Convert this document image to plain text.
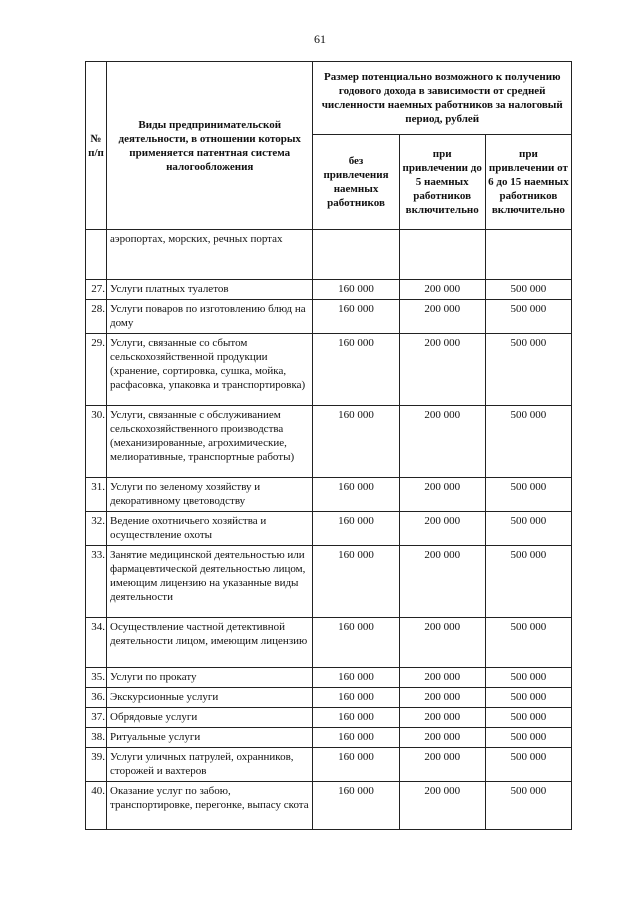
61
№ п/п	Виды предпринимательской деятельности, в отношении которых применяется патентная система налогообложения	Размер потенциально возможного к получению годового дохода в зависимости от средней численности наемных работников за налоговый период, рублей		
		без привлечения наемных работников	при привлечении до 5 наемных работников включительно	при привлечении от 6 до 15 наемных работников включительно
	аэропортах, морских, речных портах			
27.	Услуги платных туалетов	160 000	200 000	500 000
28.	Услуги поваров по изготовлению блюд на дому	160 000	200 000	500 000
29.	Услуги, связанные со сбытом сельскохозяйственной продукции (хранение, сортировка, сушка, мойка, расфасовка, упаковка и транспортировка)	160 000	200 000	500 000
30.	Услуги, связанные с обслуживанием сельскохозяйственного производства (механизированные, агрохимические, мелиоративные, транспортные работы)	160 000	200 000	500 000
31.	Услуги по зеленому хозяйству и декоративному цветоводству	160 000	200 000	500 000
32.	Ведение охотничьего хозяйства и осуществление охоты	160 000	200 000	500 000
33.	Занятие медицинской деятельностью или фармацевтической деятельностью лицом, имеющим лицензию на указанные виды деятельности	160 000	200 000	500 000
34.	Осуществление частной детективной деятельности лицом, имеющим лицензию	160 000	200 000	500 000
35.	Услуги по прокату	160 000	200 000	500 000
36.	Экскурсионные услуги	160 000	200 000	500 000
37.	Обрядовые услуги	160 000	200 000	500 000
38.	Ритуальные услуги	160 000	200 000	500 000
39.	Услуги уличных патрулей, охранников, сторожей и вахтеров	160 000	200 000	500 000
40.	Оказание услуг по забою, транспортировке, перегонке, выпасу скота	160 000	200 000	500 000
